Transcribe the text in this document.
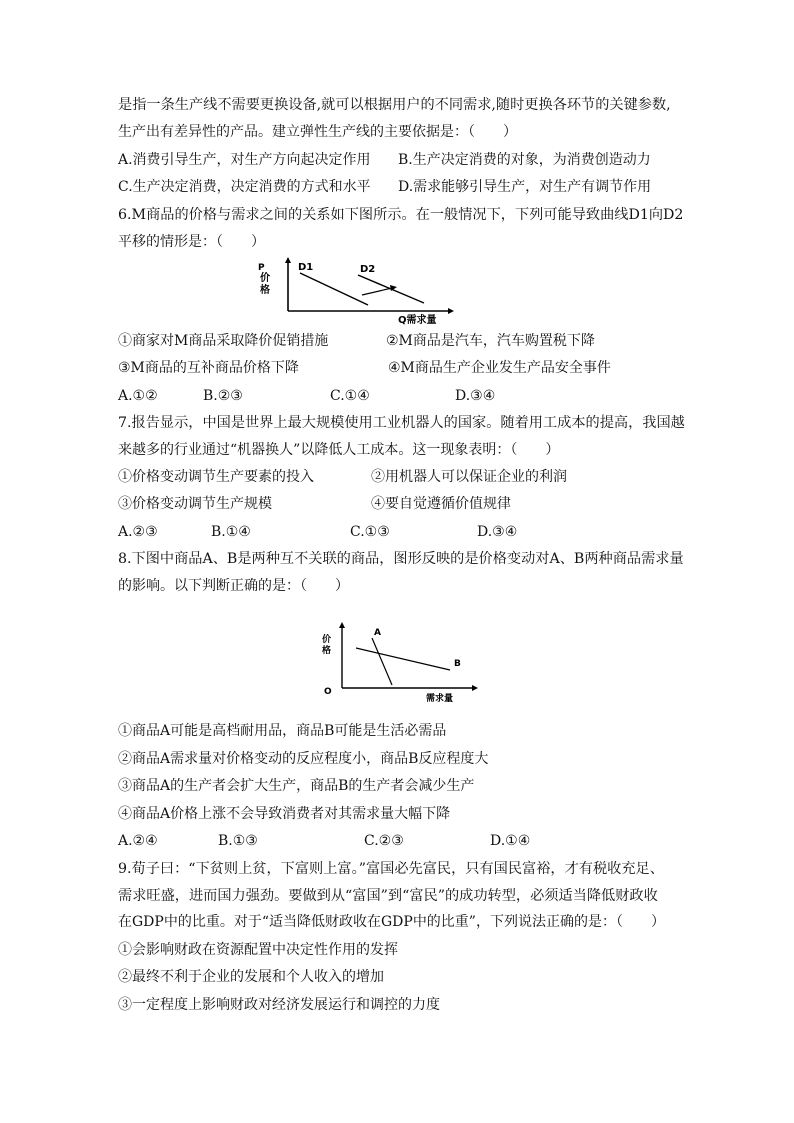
是指一条生产线不需要更换设备,就可以根据用户的不同需求,随时更换各环节的关键参数,
生产出有差异性的产品。建立弹性生产线的主要依据是：（　　）
A.消费引导生产，对生产方向起决定作用 B.生产决定消费的对象，为消费创造动力
C.生产决定消费，决定消费的方式和水平 D.需求能够引导生产，对生产有调节作用
6.M商品的价格与需求之间的关系如下图所示。在一般情况下，下列可能导致曲线D1向D2
平移的情形是：（　　）
P
价
格
D1	D2
Q需求量
①商家对M商品采取降价促销措施	②M商品是汽车，汽车购置税下降
③M商品的互补商品价格下降	④M商品生产企业发生产品安全事件
A.①②	B.②③	C.①④	D.③④
7.报告显示，中国是世界上最大规模使用工业机器人的国家。随着用工成本的提高，我国越
来越多的行业通过“机器换人”以降低人工成本。这一现象表明：（　　）
①价格变动调节生产要素的投入	②用机器人可以保证企业的利润
③价格变动调节生产规模	④要自觉遵循价值规律
A.②③	B.①④	C.①③	D.③④
8.下图中商品A、B是两种互不关联的商品，图形反映的是价格变动对A、B两种商品需求量
的影响。以下判断正确的是：（　　）
价
格
O
A
B
需求量
①商品A可能是高档耐用品，商品B可能是生活必需品
②商品A需求量对价格变动的反应程度小，商品B反应程度大
③商品A的生产者会扩大生产，商品B的生产者会减少生产
④商品A价格上涨不会导致消费者对其需求量大幅下降
A.②④	B.①③	C.②③	D.①④
9.荀子曰：“下贫则上贫，下富则上富。”富国必先富民，只有国民富裕，才有税收充足、
需求旺盛，进而国力强劲。要做到从“富国”到“富民”的成功转型，必须适当降低财政收
在GDP中的比重。对于“适当降低财政收在GDP中的比重”，下列说法正确的是：（　　）
①会影响财政在资源配置中决定性作用的发挥
②最终不利于企业的发展和个人收入的增加
③一定程度上影响财政对经济发展运行和调控的力度
